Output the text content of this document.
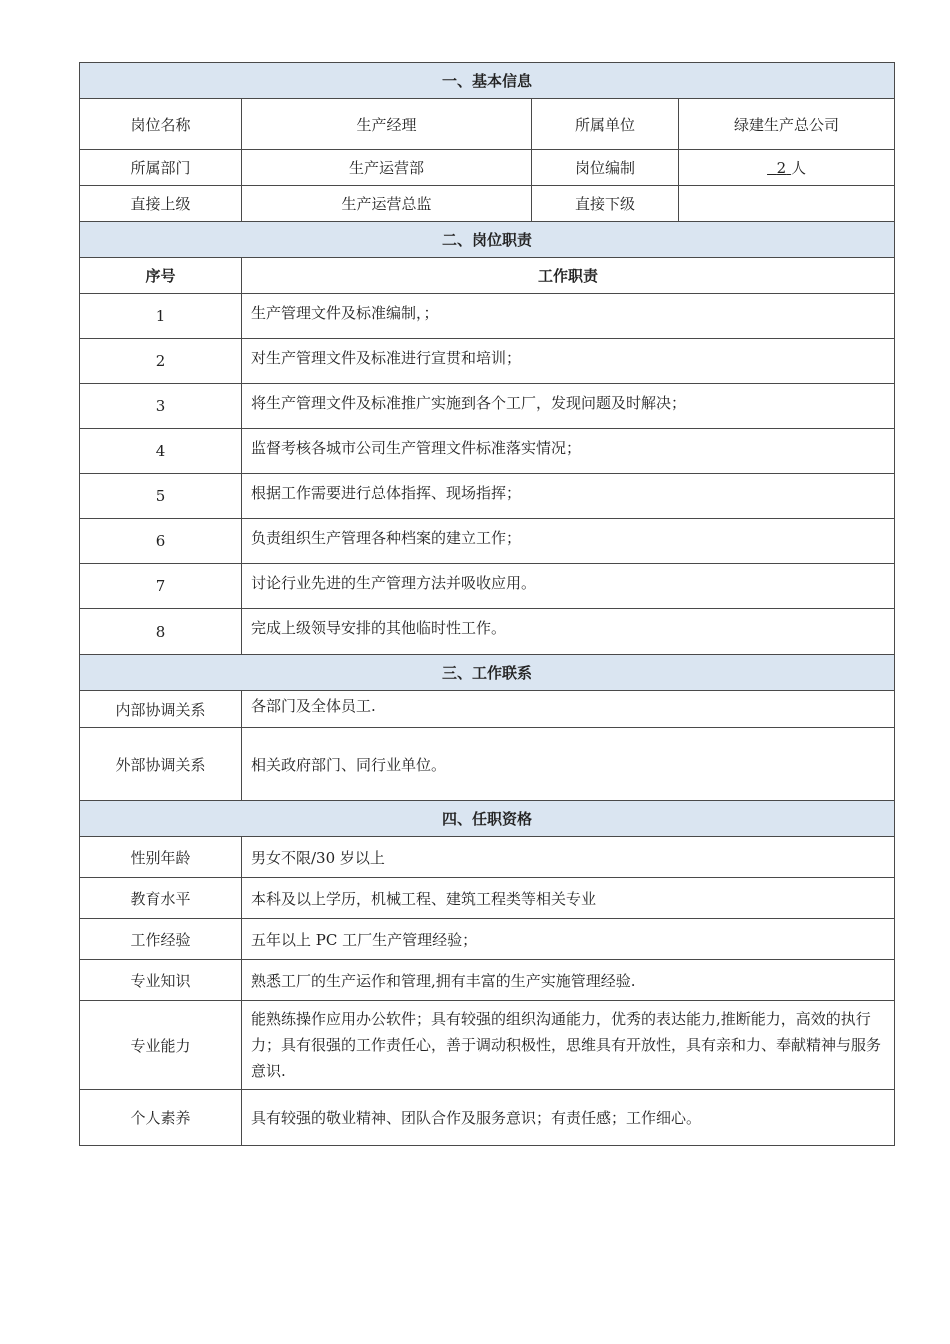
一、基本信息			
岗位名称	生产经理	所属单位	绿建生产总公司
所属部门	生产运营部	岗位编制	2 人
直接上级	生产运营总监	直接下级	
二、岗位职责			
序号	工作职责		
1	生产管理文件及标准编制，；		
2	对生产管理文件及标准进行宣贯和培训；		
3	将生产管理文件及标准推广实施到各个工厂，发现问题及时解决；		
4	监督考核各城市公司生产管理文件标准落实情况；		
5	根据工作需要进行总体指挥、现场指挥；		
6	负责组织生产管理各种档案的建立工作；		
7	讨论行业先进的生产管理方法并吸收应用。		
8	完成上级领导安排的其他临时性工作。		
三、工作联系			
内部协调关系	各部门及全体员工.		
外部协调关系	相关政府部门、同行业单位。		
四、任职资格			
性别年龄	男女不限/30 岁以上		
教育水平	本科及以上学历，机械工程、建筑工程类等相关专业		
工作经验	五年以上 PC 工厂生产管理经验；		
专业知识	熟悉工厂的生产运作和管理,拥有丰富的生产实施管理经验.		
专业能力	能熟练操作应用办公软件；具有较强的组织沟通能力，优秀的表达能力,推断能力，高效的执行力；具有很强的工作责任心，善于调动积极性，思维具有开放性，具有亲和力、奉献精神与服务意识.		
个人素养	具有较强的敬业精神、团队合作及服务意识；有责任感；工作细心。		
